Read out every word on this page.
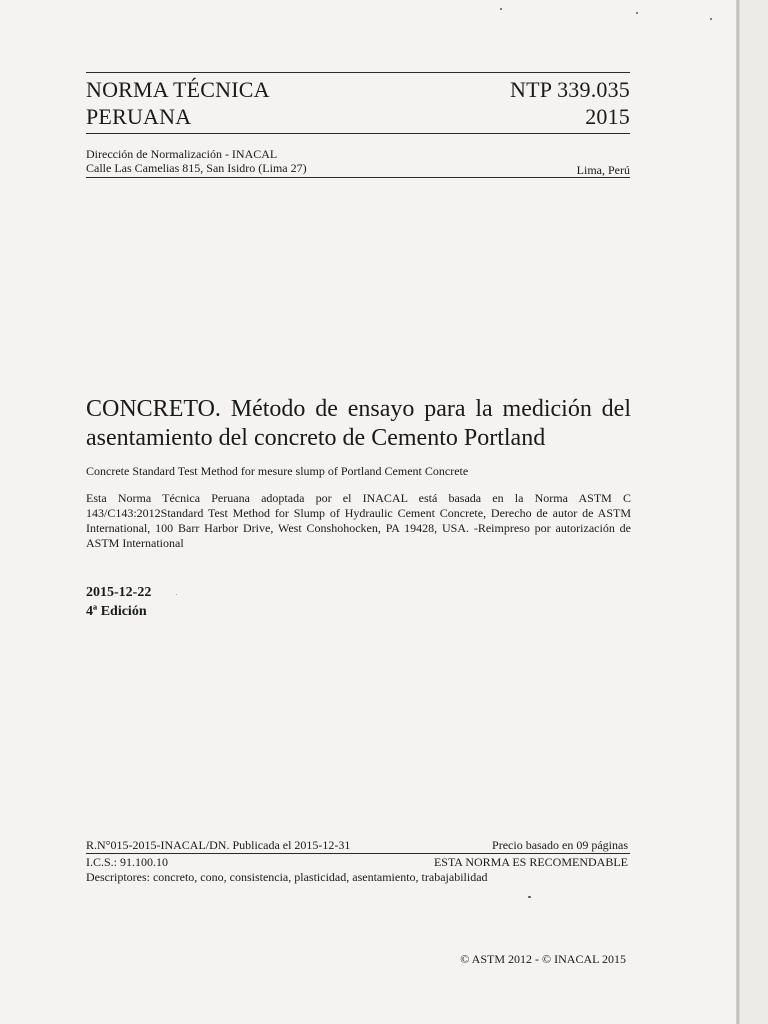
NORMA TÉCNICA
PERUANA
NTP 339.035
2015
Dirección de Normalización - INACAL
Calle Las Camelias 815, San Isidro (Lima 27)	Lima, Perú
CONCRETO. Método de ensayo para la medición del
asentamiento del concreto de Cemento Portland
Concrete Standard Test Method for mesure slump of Portland Cement Concrete
Esta Norma Técnica Peruana adoptada por el INACAL está basada en la Norma ASTM C 143/C143:2012Standard Test Method for Slump of Hydraulic Cement Concrete, Derecho de autor de ASTM International, 100 Barr Harbor Drive, West Conshohocken, PA 19428, USA. -Reimpreso por autorización de ASTM International
2015-12-22
4ª Edición
R.N°015-2015-INACAL/DN. Publicada el 2015-12-31	Precio basado en 09 páginas
I.C.S.: 91.100.10	ESTA NORMA ES RECOMENDABLE
Descriptores: concreto, cono, consistencia, plasticidad, asentamiento, trabajabilidad
© ASTM 2012 - © INACAL 2015
